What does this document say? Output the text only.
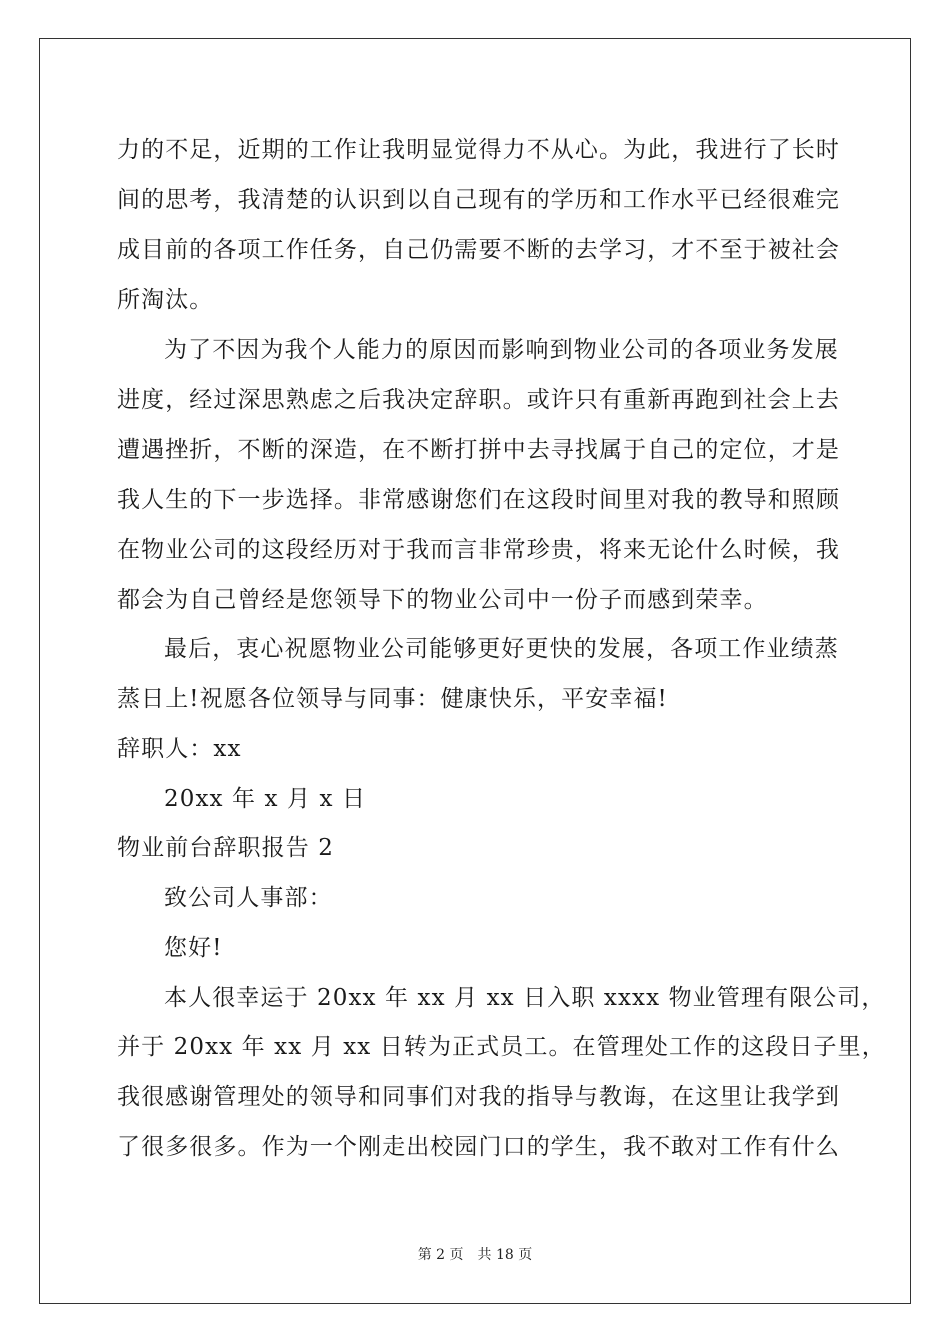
力的不足，近期的工作让我明显觉得力不从心。为此，我进行了长时
间的思考，我清楚的认识到以自己现有的学历和工作水平已经很难完
成目前的各项工作任务，自己仍需要不断的去学习，才不至于被社会
所淘汰。
为了不因为我个人能力的原因而影响到物业公司的各项业务发展
进度，经过深思熟虑之后我决定辞职。或许只有重新再跑到社会上去
遭遇挫折，不断的深造，在不断打拼中去寻找属于自己的定位，才是
我人生的下一步选择。非常感谢您们在这段时间里对我的教导和照顾
在物业公司的这段经历对于我而言非常珍贵，将来无论什么时候，我
都会为自己曾经是您领导下的物业公司中一份子而感到荣幸。
最后，衷心祝愿物业公司能够更好更快的发展，各项工作业绩蒸
蒸日上!祝愿各位领导与同事：健康快乐，平安幸福!
辞职人：xx
20xx 年 x 月 x 日
物业前台辞职报告 2
致公司人事部：
您好!
本人很幸运于 20xx 年 xx 月 xx 日入职 xxxx 物业管理有限公司，
并于 20xx 年 xx 月 xx 日转为正式员工。在管理处工作的这段日子里，
我很感谢管理处的领导和同事们对我的指导与教诲，在这里让我学到
了很多很多。作为一个刚走出校园门口的学生，我不敢对工作有什么
第 2 页 共 18 页
